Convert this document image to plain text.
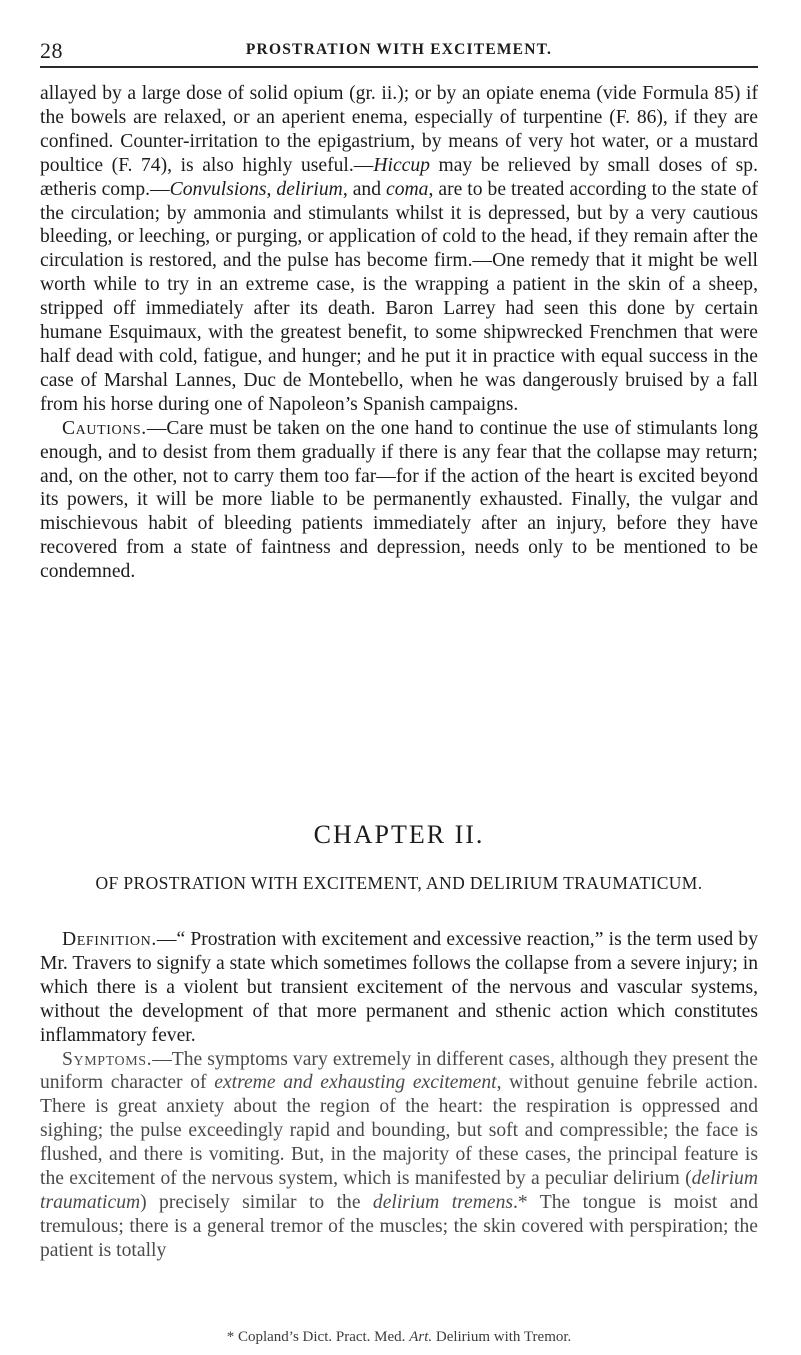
28	PROSTRATION WITH EXCITEMENT.

allayed by a large dose of solid opium (gr. ii.); or by an opiate enema (vide Formula 85) if the bowels are relaxed, or an aperient enema, especially of turpentine (F. 86), if they are confined. Counter-irritation to the epigastrium, by means of very hot water, or a mustard poultice (F. 74), is also highly useful.—Hiccup may be relieved by small doses of sp. ætheris comp.—Convulsions, delirium, and coma, are to be treated according to the state of the circulation; by ammonia and stimulants whilst it is depressed, but by a very cautious bleeding, or leeching, or purging, or application of cold to the head, if they remain after the circulation is restored, and the pulse has become firm.—One remedy that it might be well worth while to try in an extreme case, is the wrapping a patient in the skin of a sheep, stripped off immediately after its death. Baron Larrey had seen this done by certain humane Esquimaux, with the greatest benefit, to some shipwrecked Frenchmen that were half dead with cold, fatigue, and hunger; and he put it in practice with equal success in the case of Marshal Lannes, Duc de Montebello, when he was dangerously bruised by a fall from his horse during one of Napoleon’s Spanish campaigns.

Cautions.—Care must be taken on the one hand to continue the use of stimulants long enough, and to desist from them gradually if there is any fear that the collapse may return; and, on the other, not to carry them too far—for if the action of the heart is excited beyond its powers, it will be more liable to be permanently exhausted. Finally, the vulgar and mischievous habit of bleeding patients immediately after an injury, before they have recovered from a state of faintness and depression, needs only to be mentioned to be condemned.

CHAPTER II.
OF PROSTRATION WITH EXCITEMENT, AND DELIRIUM TRAUMATICUM.

Definition.—“ Prostration with excitement and excessive reaction,” is the term used by Mr. Travers to signify a state which sometimes follows the collapse from a severe injury; in which there is a violent but transient excitement of the nervous and vascular systems, without the development of that more permanent and sthenic action which constitutes inflammatory fever.

Symptoms.—The symptoms vary extremely in different cases, although they present the uniform character of extreme and exhausting excitement, without genuine febrile action. There is great anxiety about the region of the heart: the respiration is oppressed and sighing; the pulse exceedingly rapid and bounding, but soft and compressible; the face is flushed, and there is vomiting. But, in the majority of these cases, the principal feature is the excitement of the nervous system, which is manifested by a peculiar delirium (delirium traumaticum) precisely similar to the delirium tremens.* The tongue is moist and tremulous; there is a general tremor of the muscles; the skin covered with perspiration; the patient is totally

* Copland’s Dict. Pract. Med. Art. Delirium with Tremor.
